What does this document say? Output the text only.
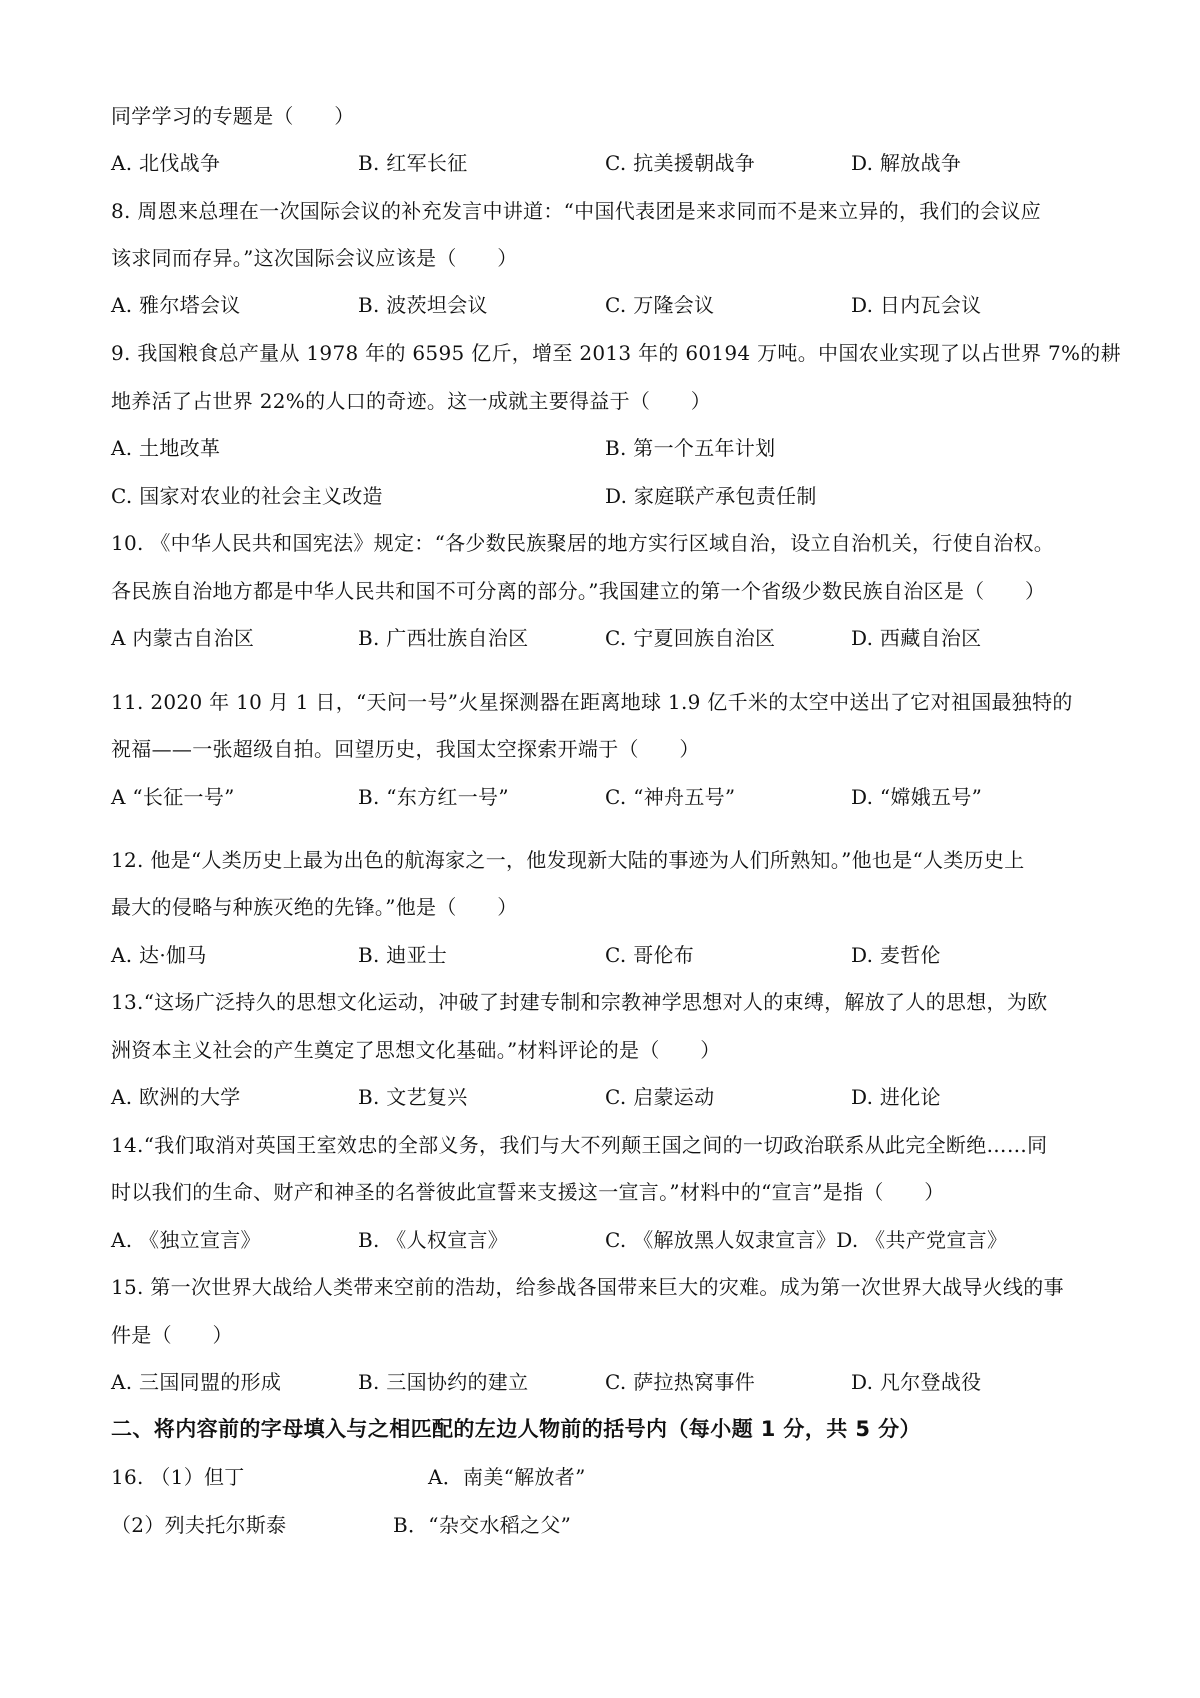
同学学习的专题是（　　）
A. 北伐战争	B. 红军长征	C. 抗美援朝战争	D. 解放战争
8. 周恩来总理在一次国际会议的补充发言中讲道：“中国代表团是来求同而不是来立异的，我们的会议应
该求同而存异。”这次国际会议应该是（　　）
A. 雅尔塔会议	B. 波茨坦会议	C. 万隆会议	D. 日内瓦会议
9. 我国粮食总产量从 1978 年的 6595 亿斤，增至 2013 年的 60194 万吨。中国农业实现了以占世界 7%的耕
地养活了占世界 22%的人口的奇迹。这一成就主要得益于（　　）
A. 土地改革	B. 第一个五年计划
C. 国家对农业的社会主义改造	D. 家庭联产承包责任制
10. 《中华人民共和国宪法》规定：“各少数民族聚居的地方实行区域自治，设立自治机关，行使自治权。
各民族自治地方都是中华人民共和国不可分离的部分。”我国建立的第一个省级少数民族自治区是（　　）
A 内蒙古自治区	B. 广西壮族自治区	C. 宁夏回族自治区	D. 西藏自治区
11. 2020 年 10 月 1 日，“天问一号”火星探测器在距离地球 1.9 亿千米的太空中送出了它对祖国最独特的
祝福——一张超级自拍。回望历史，我国太空探索开端于（　　）
A “长征一号”	B. “东方红一号”	C. “神舟五号”	D. “嫦娥五号”
12. 他是“人类历史上最为出色的航海家之一，他发现新大陆的事迹为人们所熟知。”他也是“人类历史上
最大的侵略与种族灭绝的先锋。”他是（　　）
A. 达·伽马	B. 迪亚士	C. 哥伦布	D. 麦哲伦
13.“这场广泛持久的思想文化运动，冲破了封建专制和宗教神学思想对人的束缚，解放了人的思想，为欧
洲资本主义社会的产生奠定了思想文化基础。”材料评论的是（　　）
A. 欧洲的大学	B. 文艺复兴	C. 启蒙运动	D. 进化论
14.“我们取消对英国王室效忠的全部义务，我们与大不列颠王国之间的一切政治联系从此完全断绝……同
时以我们的生命、财产和神圣的名誉彼此宣誓来支援这一宣言。”材料中的“宣言”是指（　　）
A. 《独立宣言》	B. 《人权宣言》	C. 《解放黑人奴隶宣言》D. 《共产党宣言》
15. 第一次世界大战给人类带来空前的浩劫，给参战各国带来巨大的灾难。成为第一次世界大战导火线的事
件是（　　）
A. 三国同盟的形成	B. 三国协约的建立	C. 萨拉热窝事件	D. 凡尔登战役
二、将内容前的字母填入与之相匹配的左边人物前的括号内（每小题 1 分，共 5 分）
16. （1）但丁	A．南美“解放者”
（2）列夫托尔斯泰	B．“杂交水稻之父”
